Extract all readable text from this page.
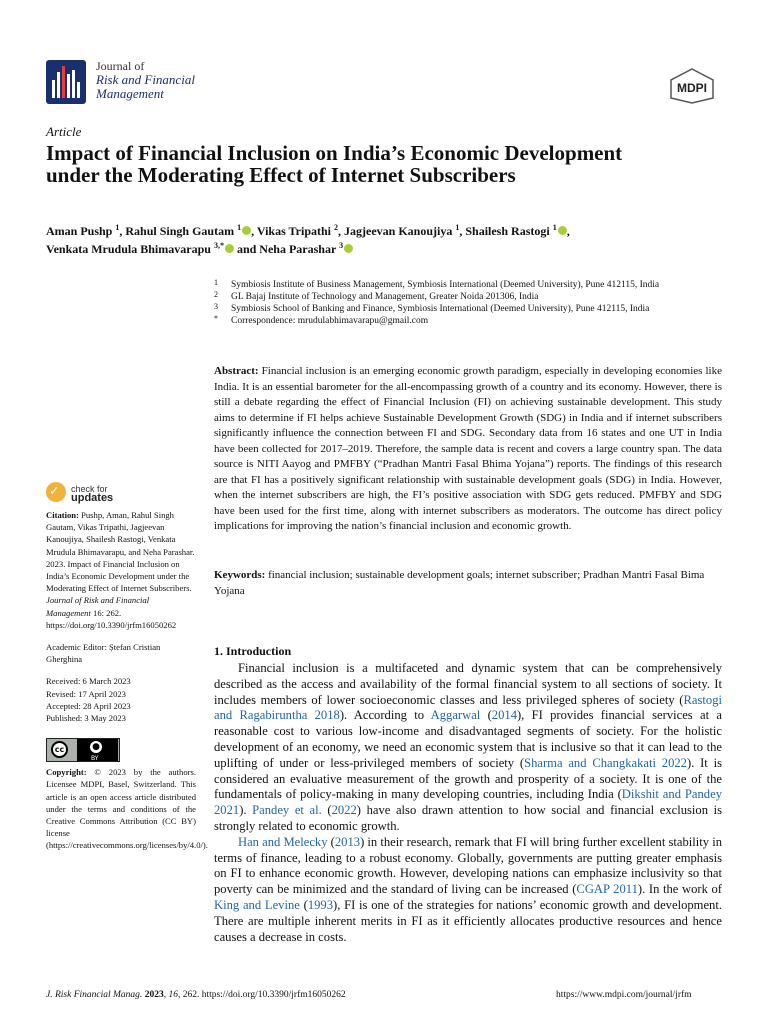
Journal of
Risk and Financial
Management	MDPI
Article
Impact of Financial Inclusion on India’s Economic Development under the Moderating Effect of Internet Subscribers
Aman Pushp $^1$, Rahul Singh Gautam $^1$ , Vikas Tripathi $^2$, Jagjeevan Kanoujiya $^1$, Shailesh Rastogi $^1$ ,
Venkata Mrudula Bhimavarapu $^{3,*}$ and Neha Parashar $^3$
1 Symbiosis Institute of Business Management, Symbiosis International (Deemed University), Pune 412115, India
2 GL Bajaj Institute of Technology and Management, Greater Noida 201306, India
3 Symbiosis School of Banking and Finance, Symbiosis International (Deemed University), Pune 412115, India
* Correspondence: mrudulabhimavarapu@gmail.com

Abstract: Financial inclusion is an emerging economic growth paradigm, especially in developing economies like India. It is an essential barometer for the all-encompassing growth of a country and its economy. However, there is still a debate regarding the effect of Financial Inclusion (FI) on achieving sustainable development. This study aims to determine if FI helps achieve Sustainable Development Growth (SDG) in India and if internet subscribers significantly influence the connection between FI and SDG. Secondary data from 16 states and one UT in India have been collected for 2017–2019. Therefore, the sample data is recent and covers a large country span. The data source is NITI Aayog and PMFBY (“Pradhan Mantri Fasal Bhima Yojana”) reports. The findings of this research are that FI has a positively significant relationship with sustainable development goals (SDG) in India. However, when the internet subscribers are high, the FI’s positive association with SDG gets reduced. PMFBY and SDG have been used for the first time, along with internet subscribers as moderators. The outcome has direct policy implications for improving the nation’s financial inclusion and economic growth.

Keywords: financial inclusion; sustainable development goals; internet subscriber; Pradhan Mantri Fasal Bima Yojana

✓ check for
updates

Citation: Pushp, Aman, Rahul Singh Gautam, Vikas Tripathi, Jagjeevan Kanoujiya, Shailesh Rastogi, Venkata Mrudula Bhimavarapu, and Neha Parashar. 2023. Impact of Financial Inclusion on India’s Economic Development under the Moderating Effect of Internet Subscribers. Journal of Risk and Financial Management 16: 262. https://doi.org/10.3390/jrfm16050262

Academic Editor: Ștefan Cristian Gherghina

Received: 6 March 2023

Revised: 17 April 2023

Accepted: 28 April 2023

Published: 3 May 2023

cc	●
BY

Copyright: © 2023 by the authors. Licensee MDPI, Basel, Switzerland. This article is an open access article distributed under the terms and conditions of the Creative Commons Attribution (CC BY) license (https://creativecommons.org/licenses/by/4.0/).

1. Introduction

Financial inclusion is a multifaceted and dynamic system that can be comprehensively described as the access and availability of the formal financial system to all sections of society. It includes members of lower socioeconomic classes and less privileged spheres of society (Rastogi and Ragabiruntha 2018). According to Aggarwal (2014), FI provides financial services at a reasonable cost to various low-income and disadvantaged segments of society. For the holistic development of an economy, we need an economic system that is inclusive so that it can lead to the uplifting of under or less-privileged members of society (Sharma and Changkakati 2022). It is considered an evaluative measurement of the growth and prosperity of a society. It is one of the fundamentals of policy-making in many developing countries, including India (Dikshit and Pandey 2021). Pandey et al. (2022) have also drawn attention to how social and financial exclusion is strongly related to economic growth.

Han and Melecky (2013) in their research, remark that FI will bring further excellent stability in terms of finance, leading to a robust economy. Globally, governments are putting greater emphasis on FI to enhance economic growth. However, developing nations can emphasize inclusivity so that poverty can be minimized and the standard of living can be increased (CGAP 2011). In the work of King and Levine (1993), FI is one of the strategies for nations’ economic growth and development. There are multiple inherent merits in FI as it efficiently allocates productive resources and hence causes a decrease in costs.

J. Risk Financial Manag. 2023, 16, 262. https://doi.org/10.3390/jrfm16050262	https://www.mdpi.com/journal/jrfm
